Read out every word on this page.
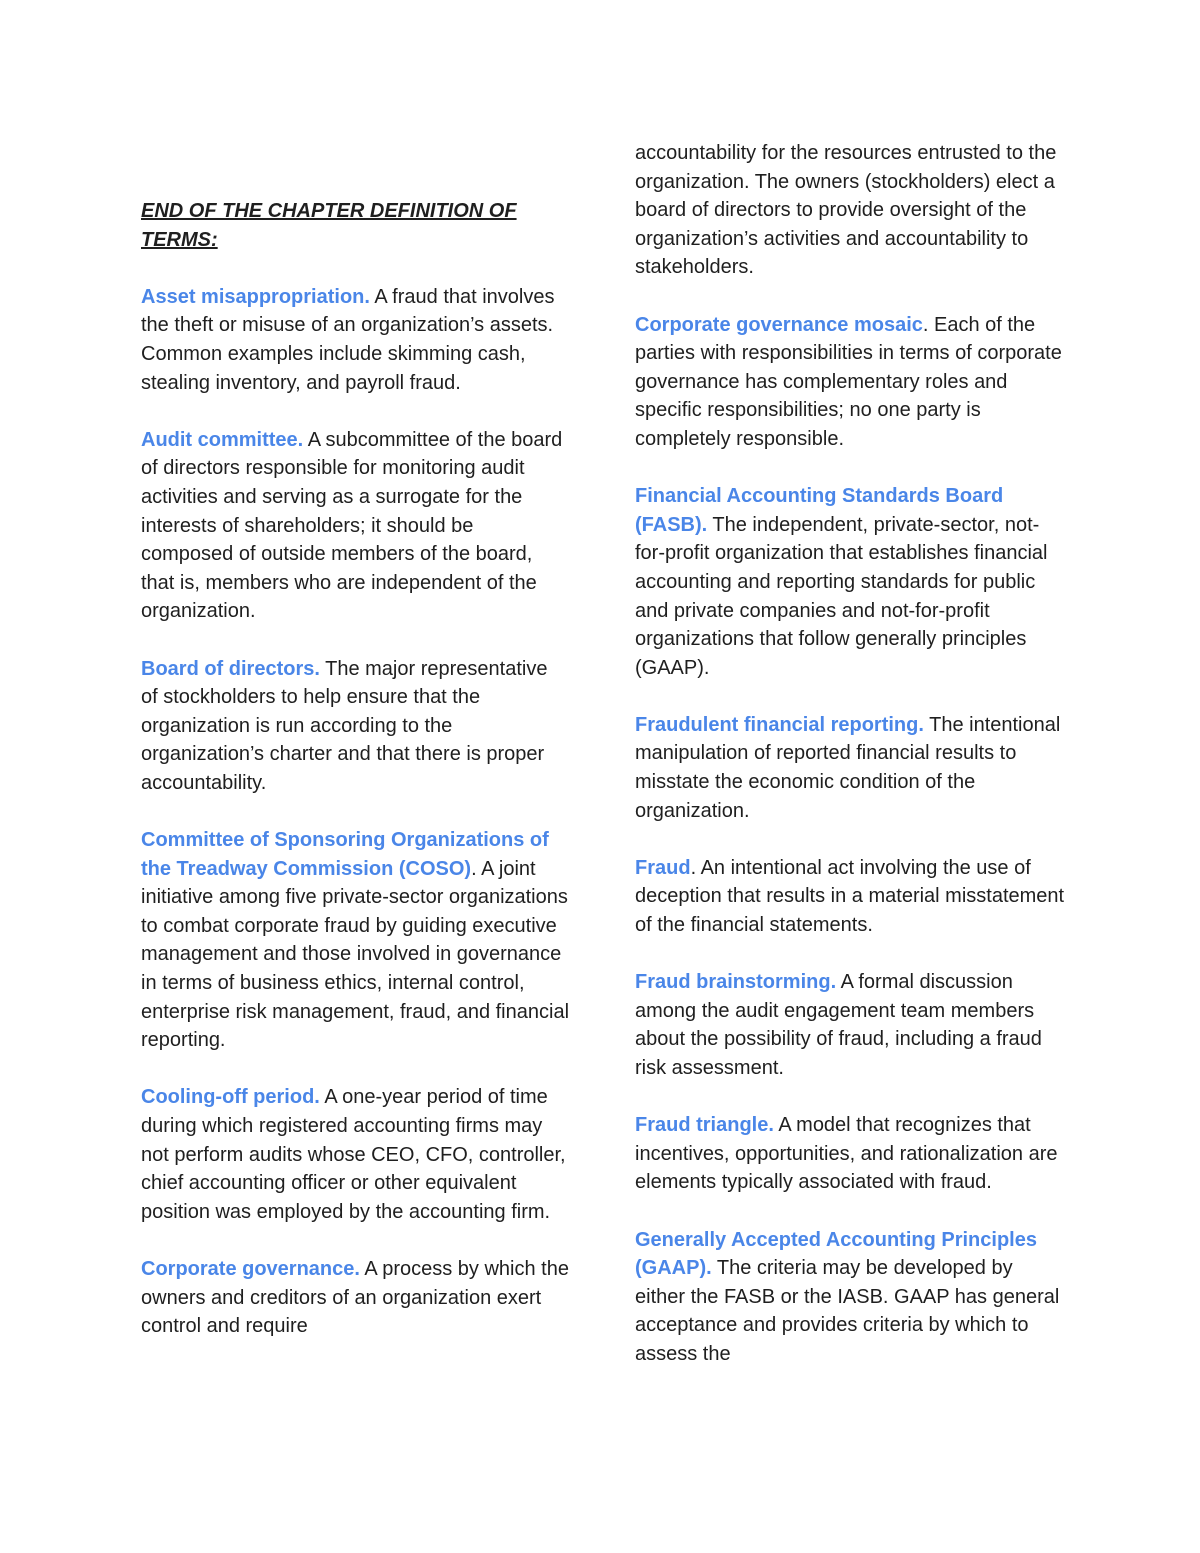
END OF THE CHAPTER DEFINITION OF TERMS:

Asset misappropriation. A fraud that involves the theft or misuse of an organization’s assets. Common examples include skimming cash, stealing inventory, and payroll fraud.

Audit committee. A subcommittee of the board of directors responsible for monitoring audit activities and serving as a surrogate for the interests of shareholders; it should be composed of outside members of the board, that is, members who are independent of the organization.

Board of directors. The major representative of stockholders to help ensure that the organization is run according to the organization’s charter and that there is proper accountability.

Committee of Sponsoring Organizations of the Treadway Commission (COSO). A joint initiative among five private-sector organizations to combat corporate fraud by guiding executive management and those involved in governance in terms of business ethics, internal control, enterprise risk management, fraud, and financial reporting.

Cooling-off period. A one-year period of time during which registered accounting firms may not perform audits whose CEO, CFO, controller, chief accounting officer or other equivalent position was employed by the accounting firm.

Corporate governance. A process by which the owners and creditors of an organization exert control and require

accountability for the resources entrusted to the organization. The owners (stockholders) elect a board of directors to provide oversight of the organization’s activities and accountability to stakeholders.

Corporate governance mosaic. Each of the parties with responsibilities in terms of corporate governance has complementary roles and specific responsibilities; no one party is completely responsible.

Financial Accounting Standards Board (FASB). The independent, private-sector, not-for-profit organization that establishes financial accounting and reporting standards for public and private companies and not-for-profit organizations that follow generally principles (GAAP).

Fraudulent financial reporting. The intentional manipulation of reported financial results to misstate the economic condition of the organization.

Fraud. An intentional act involving the use of deception that results in a material misstatement of the financial statements.

Fraud brainstorming. A formal discussion among the audit engagement team members about the possibility of fraud, including a fraud risk assessment.

Fraud triangle. A model that recognizes that incentives, opportunities, and rationalization are elements typically associated with fraud.

Generally Accepted Accounting Principles (GAAP). The criteria may be developed by either the FASB or the IASB. GAAP has general acceptance and provides criteria by which to assess the
